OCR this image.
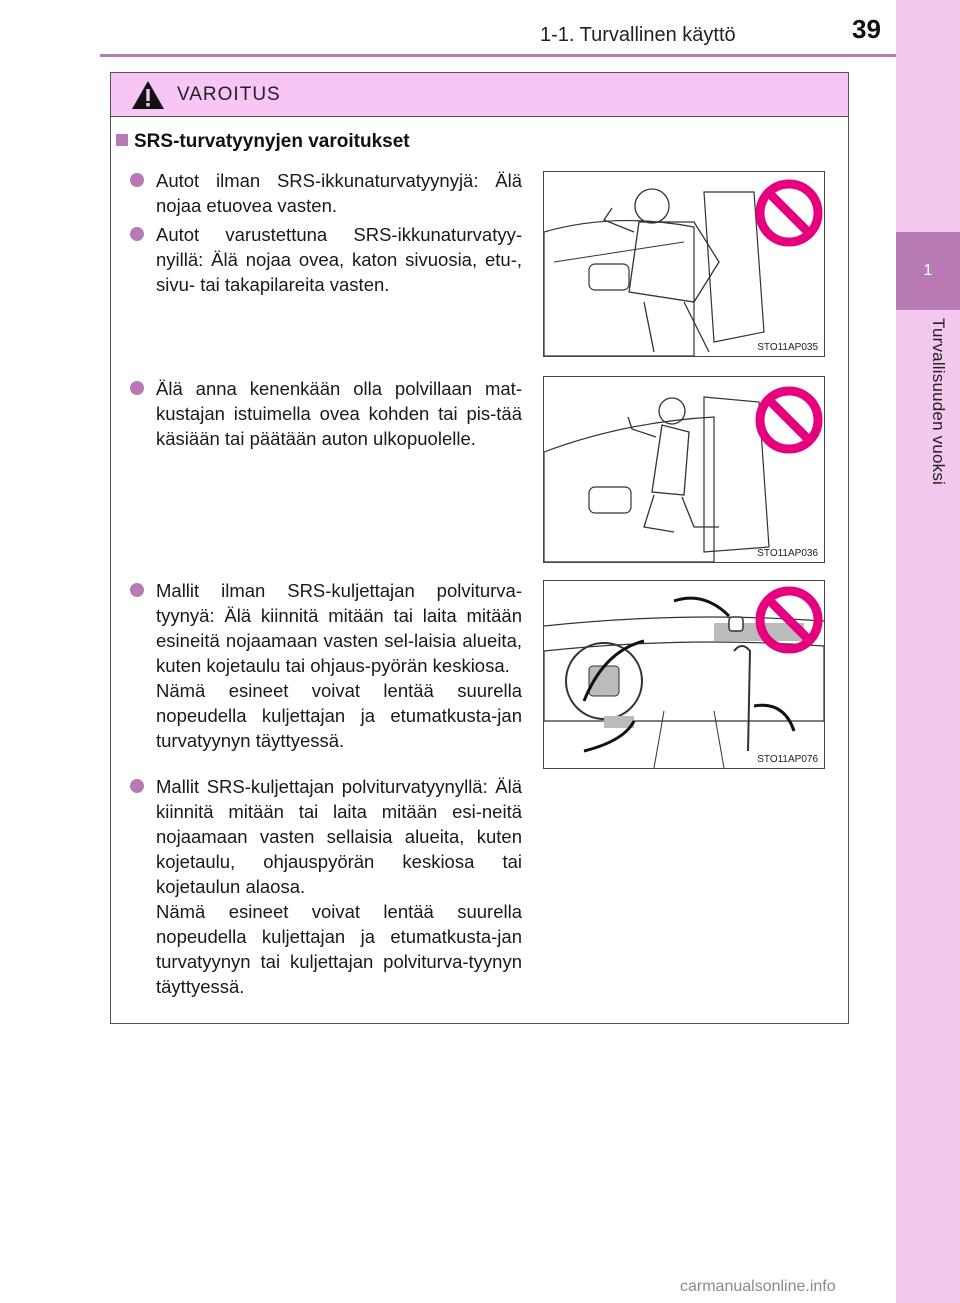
1
Turvallisuuden vuoksi
1-1. Turvallinen käyttö	39
VAROITUS
SRS-turvatyynyjen varoitukset
Autot ilman SRS-ikkunaturvatyynyjä: Älä nojaa etuovea vasten.
Autot varustettuna SRS-ikkunaturvatyy-nyillä: Älä nojaa ovea, katon sivuosia, etu-, sivu- tai takapilareita vasten.
Älä anna kenenkään olla polvillaan mat-kustajan istuimella ovea kohden tai pis-tää käsiään tai päätään auton ulkopuolelle.
Mallit ilman SRS-kuljettajan polviturva-tyynyä: Älä kiinnitä mitään tai laita mitään esineitä nojaamaan vasten sel-laisia alueita, kuten kojetaulu tai ohjaus-pyörän keskiosa.
Nämä esineet voivat lentää suurella nopeudella kuljettajan ja etumatkusta-jan turvatyynyn täyttyessä.
Mallit SRS-kuljettajan polviturvatyynyllä: Älä kiinnitä mitään tai laita mitään esi-neitä nojaamaan vasten sellaisia alueita, kuten kojetaulu, ohjauspyörän keskiosa tai kojetaulun alaosa.
Nämä esineet voivat lentää suurella nopeudella kuljettajan ja etumatkusta-jan turvatyynyn tai kuljettajan polviturva-tyynyn täyttyessä.
STO11AP035
STO11AP036
STO11AP076
carmanualsonline.info
